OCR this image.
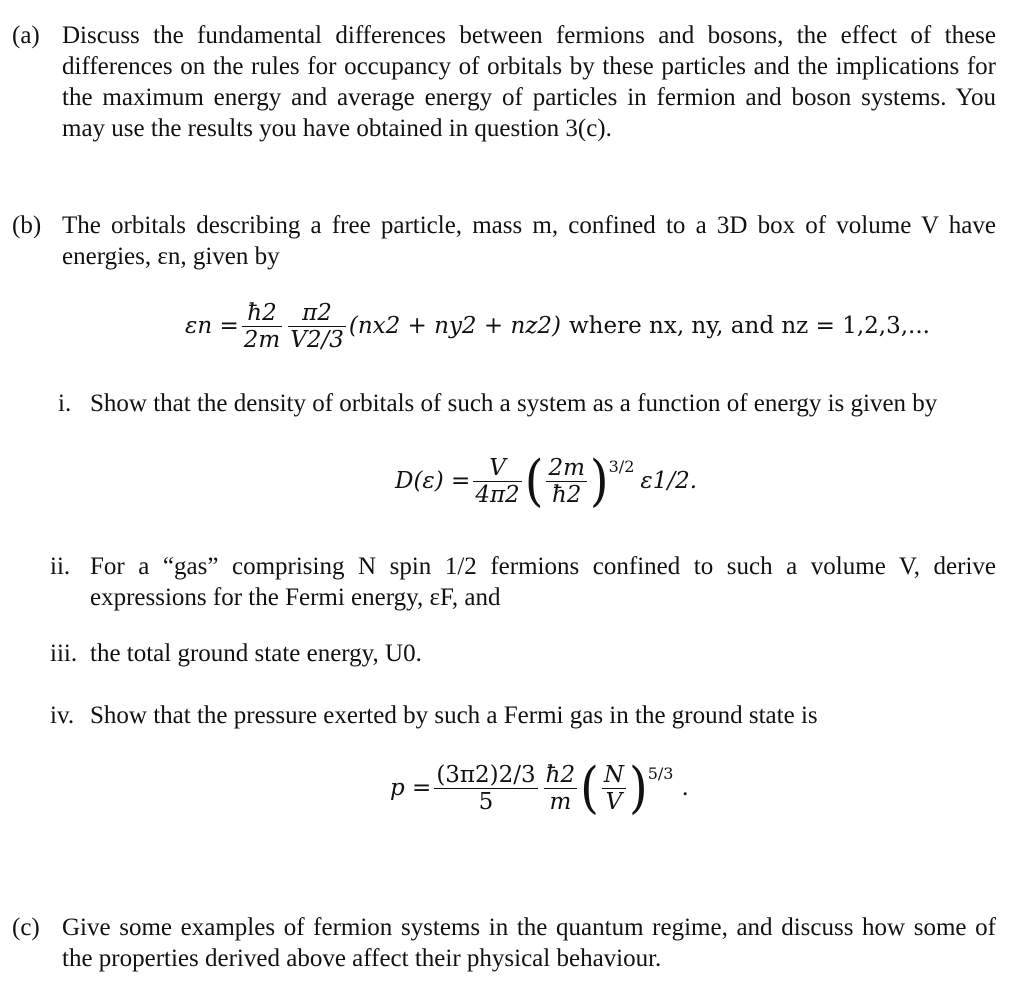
(a) Discuss the fundamental differences between fermions and bosons, the effect of these differences on the rules for occupancy of orbitals by these particles and the implications for the maximum energy and average energy of particles in fermion and boson systems. You may use the results you have obtained in question 3(c).
(b) The orbitals describing a free particle, mass m, confined to a 3D box of volume V have energies, εn, given by
$\varepsilon n = \frac{ħ2}{2m} \frac{\pi 2}{V2/3} (nx2 + ny2 + nz2)$ where nx, ny, and nz = 1,2,3,...
i. Show that the density of orbitals of such a system as a function of energy is given by
$D(\varepsilon) = \frac{V}{4\pi 2}$ ( $\frac{2m}{ħ2}$ ) 3/2
ε1/2.
ii. For a “gas” comprising N spin 1/2 fermions confined to such a volume V, derive expressions for the Fermi energy, εF, and
iii. the total ground state energy, U0.
iv. Show that the pressure exerted by such a Fermi gas in the ground state is
$p = \frac{(3\pi 2)2/3}{5} \frac{ħ2}{m}$ ( $\frac{N}{V}$ ) 5/3
.
(c) Give some examples of fermion systems in the quantum regime, and discuss how some of the properties derived above affect their physical behaviour.
